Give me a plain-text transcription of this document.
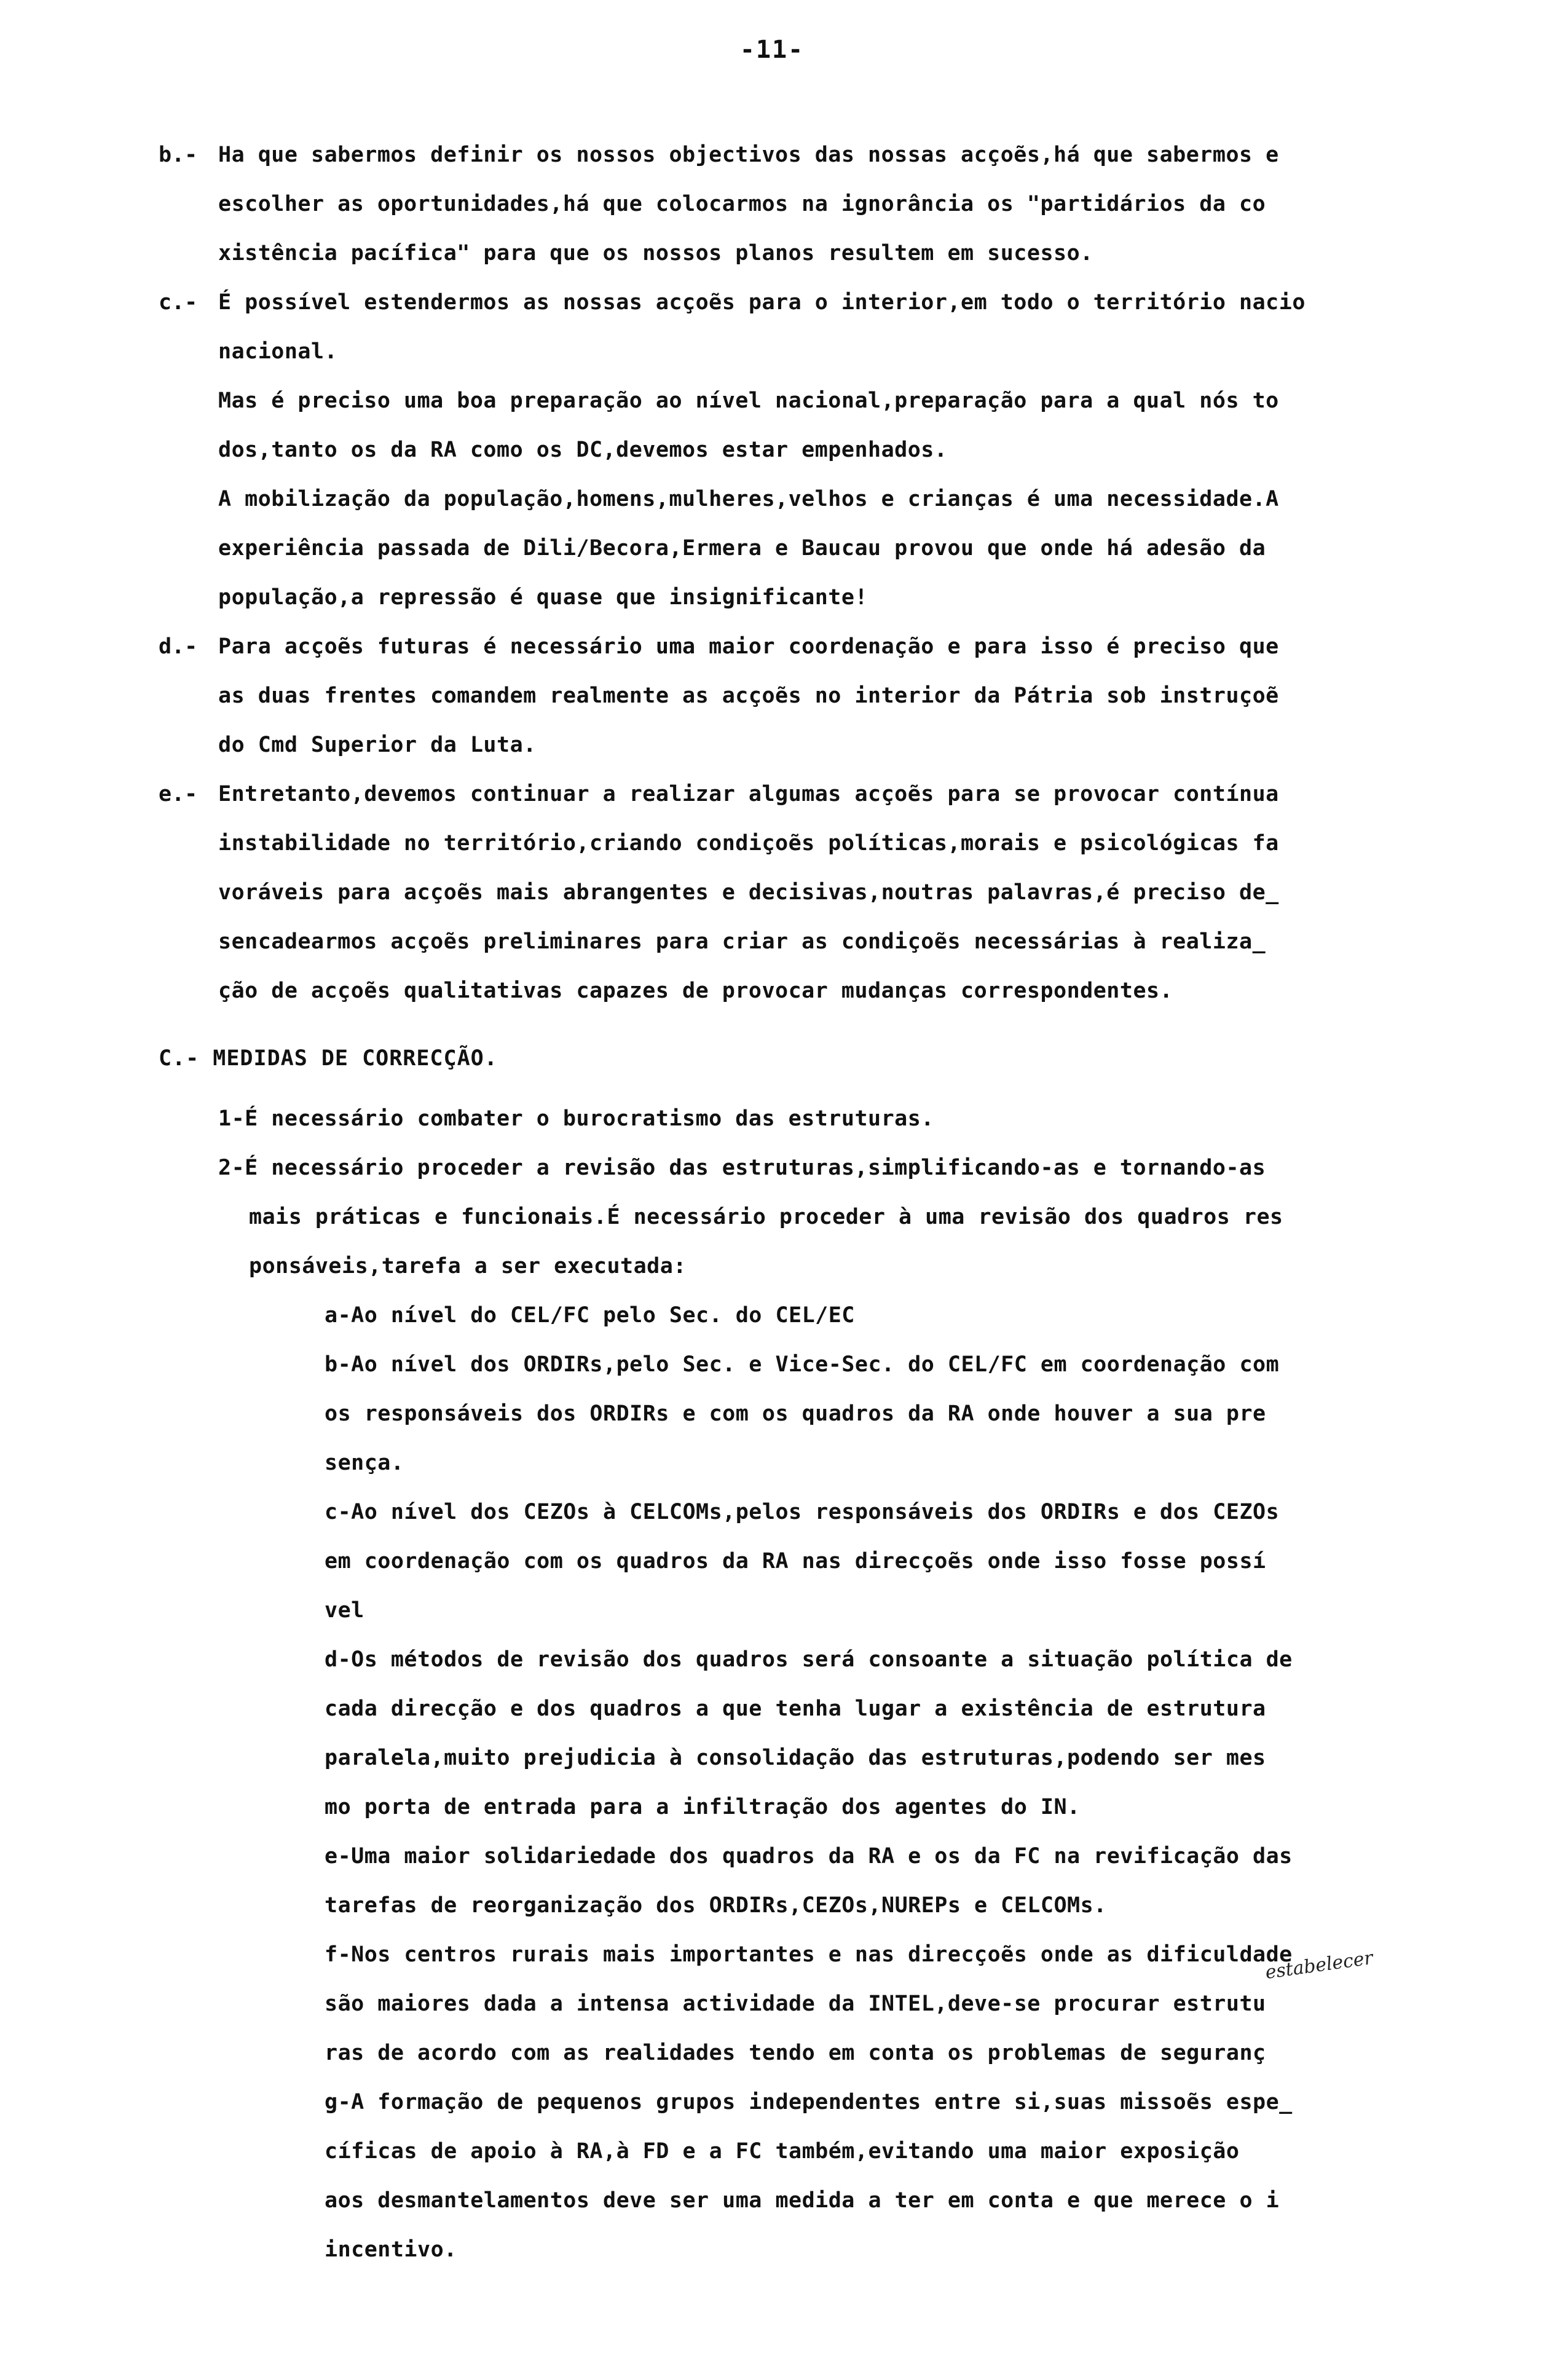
-11-
b.- Ha que sabermos definir os nossos objectivos das nossas acçoẽs,há que sabermos e
escolher as oportunidades,há que colocarmos na ignorância os "partidários da co
xistência pacífica" para que os nossos planos resultem em sucesso.
c.- É possível estendermos as nossas acçoẽs para o interior,em todo o território nacio
nacional.
Mas é preciso uma boa preparação ao nível nacional,preparação para a qual nós to
dos,tanto os da RA como os DC,devemos estar empenhados.
A mobilização da população,homens,mulheres,velhos e crianças é uma necessidade.A
experiência passada de Dili/Becora,Ermera e Baucau provou que onde há adesão da
população,a repressão é quase que insignificante!
d.- Para acçoẽs futuras é necessário uma maior coordenação e para isso é preciso que
as duas frentes comandem realmente as acçoẽs no interior da Pátria sob instruçoẽ
do Cmd Superior da Luta.
e.- Entretanto,devemos continuar a realizar algumas acçoẽs para se provocar contínua
instabilidade no território,criando condiçoẽs políticas,morais e psicológicas fa
voráveis para acçoẽs mais abrangentes e decisivas,noutras palavras,é preciso de_
sencadearmos acçoẽs preliminares para criar as condiçoẽs necessárias à realiza_
ção de acçoẽs qualitativas capazes de provocar mudanças correspondentes.
C.- MEDIDAS DE CORRECÇÃO.
1-É necessário combater o burocratismo das estruturas.
2-É necessário proceder a revisão das estruturas,simplificando-as e tornando-as
mais práticas e funcionais.É necessário proceder à uma revisão dos quadros res
ponsáveis,tarefa a ser executada:
a-Ao nível do CEL/FC pelo Sec. do CEL/EC
b-Ao nível dos ORDIRs,pelo Sec. e Vice-Sec. do CEL/FC em coordenação com
os responsáveis dos ORDIRs e com os quadros da RA onde houver a sua pre
sença.
c-Ao nível dos CEZOs à CELCOMs,pelos responsáveis dos ORDIRs e dos CEZOs
em coordenação com os quadros da RA nas direcçoẽs onde isso fosse possí
vel
d-Os métodos de revisão dos quadros será consoante a situação política de
cada direcção e dos quadros a que tenha lugar a existência de estrutura
paralela,muito prejudicia à consolidação das estruturas,podendo ser mes
mo porta de entrada para a infiltração dos agentes do IN.
e-Uma maior solidariedade dos quadros da RA e os da FC na revificação das
tarefas de reorganização dos ORDIRs,CEZOs,NUREPs e CELCOMs.
f-Nos centros rurais mais importantes e nas direcçoẽs onde as dificuldade
são maiores dada a intensa actividade da INTEL,deve-se procurar estrutu
ras de acordo com as realidades tendo em conta os problemas de seguranç
g-A formação de pequenos grupos independentes entre si,suas missoẽs espe_
cíficas de apoio à RA,à FD e a FC também,evitando uma maior exposição
aos desmantelamentos deve ser uma medida a ter em conta e que merece o i
incentivo.
estabelecer
